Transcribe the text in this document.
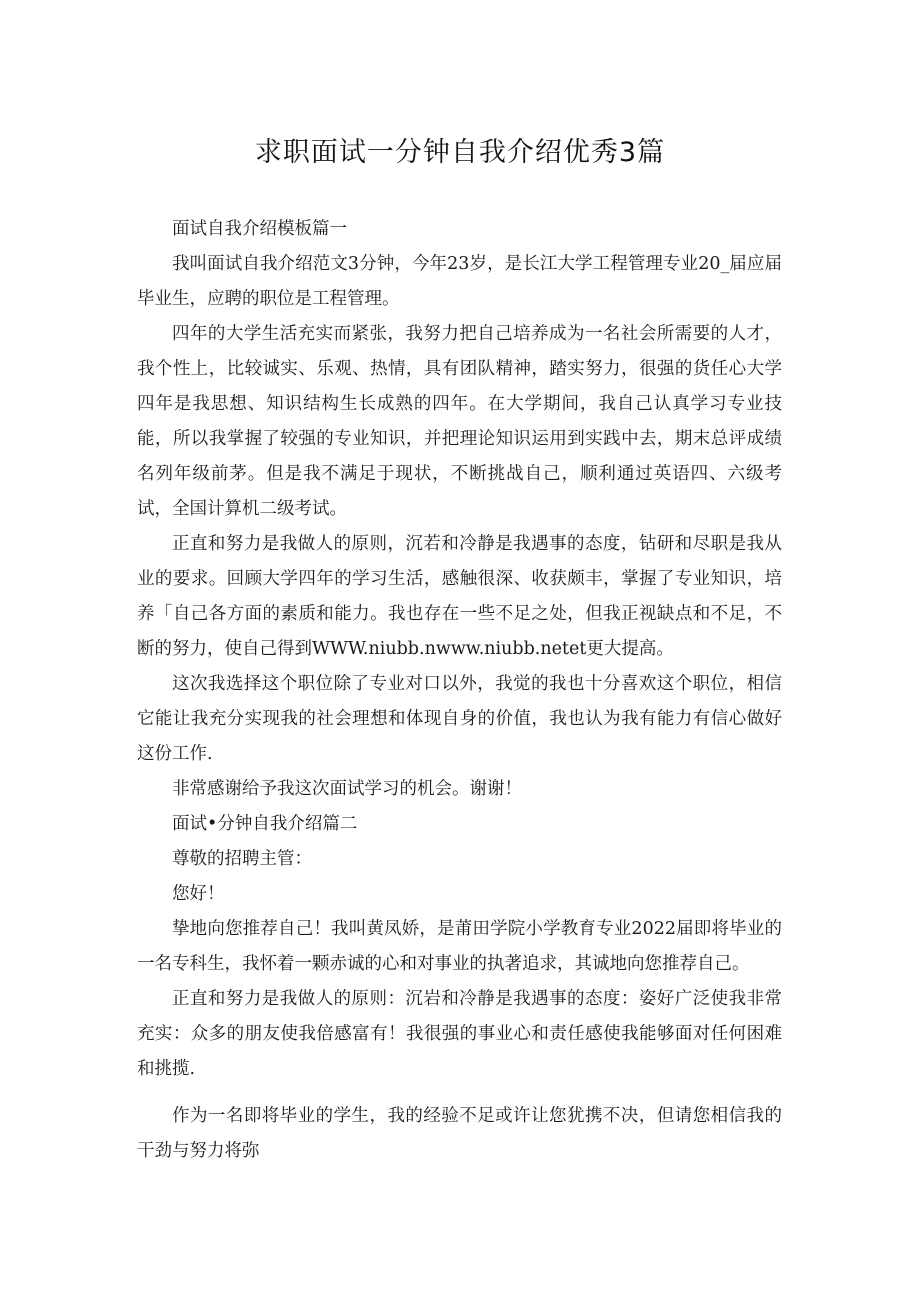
求职面试一分钟自我介绍优秀3篇

面试自我介绍模板篇一

我叫面试自我介绍范文3分钟，今年23岁，是长江大学工程管理专业20_届应届毕业生，应聘的职位是工程管理。

四年的大学生活充实而紧张，我努力把自己培养成为一名社会所需要的人才，我个性上，比较诚实、乐观、热情，具有团队精神，踏实努力，很强的货任心大学四年是我思想、知识结构生长成熟的四年。在大学期间，我自己认真学习专业技能，所以我掌握了较强的专业知识，并把理论知识运用到实践中去，期末总评成绩名列年级前茅。但是我不满足于现状，不断挑战自己，顺利通过英语四、六级考试，全国计算机二级考试。

正直和努力是我做人的原则，沉若和冷静是我遇事的态度，钻研和尽职是我从业的要求。回顾大学四年的学习生活，感触很深、收获颇丰，掌握了专业知识，培养「自己各方面的素质和能力。我也存在一些不足之处，但我正视缺点和不足，不断的努力，使自己得到WWW.niubb.nwww.niubb.netet更大提高。

这次我选择这个职位除了专业对口以外，我觉的我也十分喜欢这个职位，相信它能让我充分实现我的社会理想和体现自身的价值，我也认为我有能力有信心做好这份工作.

非常感谢给予我这次面试学习的机会。谢谢！

面试•分钟自我介绍篇二

尊敬的招聘主管：

您好！

挚地向您推荐自己！我叫黄凤娇，是莆田学院小学教育专业2022届即将毕业的一名专科生，我怀着一颗赤诚的心和对事业的执著追求，其诚地向您推荐自己。

正直和努力是我做人的原则：沉岩和冷静是我遇事的态度：姿好广泛使我非常充实：众多的朋友使我倍感富有！我很强的事业心和责任感使我能够面对任何困难和挑揽.

作为一名即将毕业的学生，我的经验不足或许让您犹携不决，但请您相信我的干劲与努力将弥
